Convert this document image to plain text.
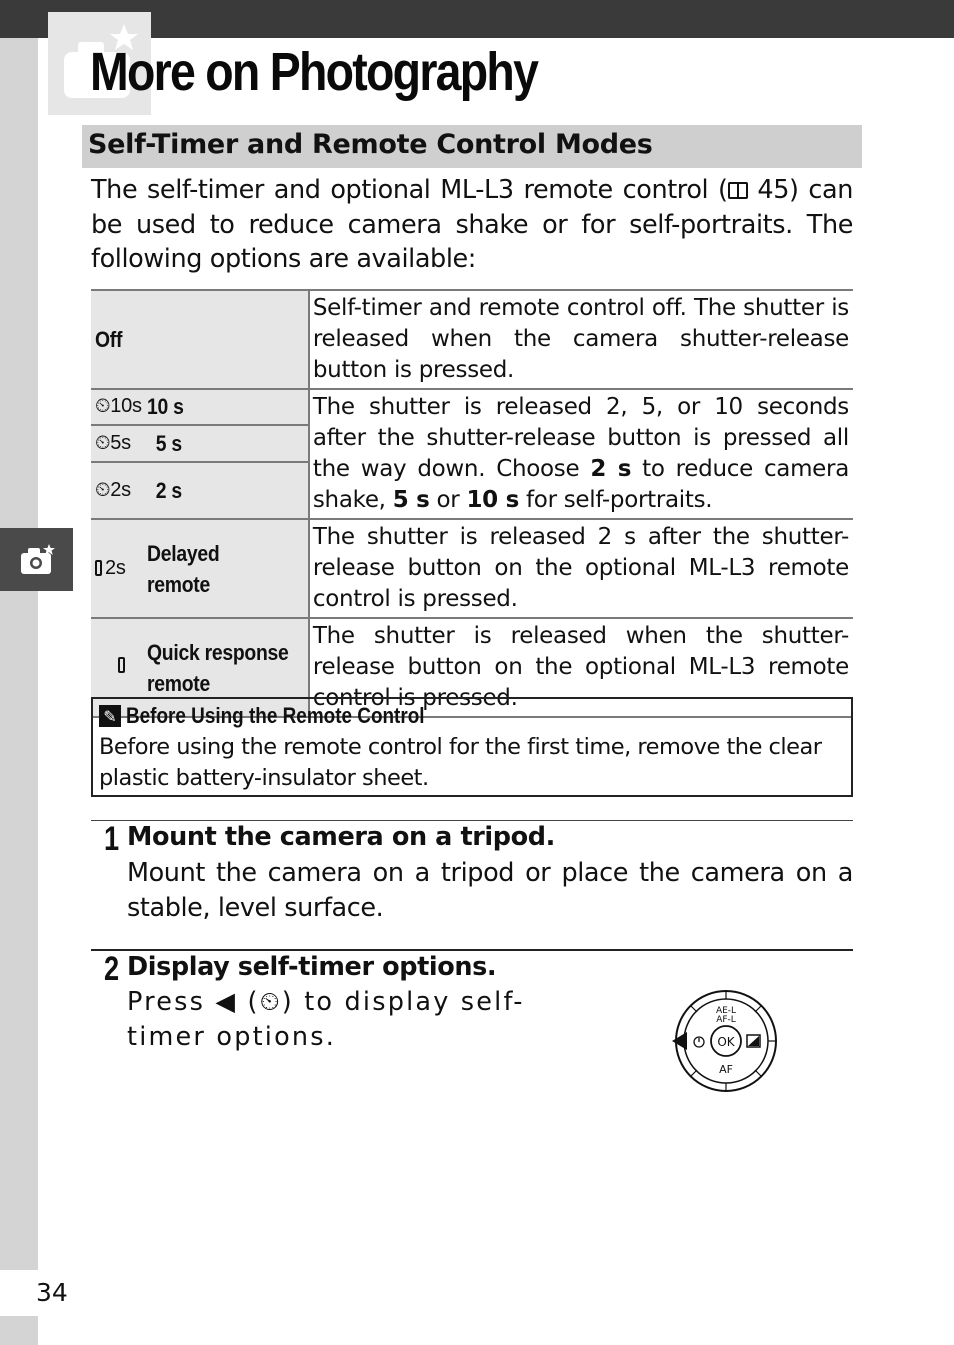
More on Photography
Self-Timer and Remote Control Modes

The self-timer and optional ML-L3 remote control (
45) can be used to reduce camera shake or for self-portraits. The following options are available:

Off	Self-timer and remote control off. The shutter is released when the camera shutter-release button is pressed.

⏲10s 10 s	The shutter is released 2, 5, or 10 seconds after the shutter-release button is pressed all the way down. Choose 2 s to reduce camera shake, 5 s or 10 s for self-portraits.

⏲5s 5 s	

⏲2s 2 s	

2s
Delayed
remote	The shutter is released 2 s after the shutter-release button on the optional ML-L3 remote control is pressed.

Quick response
remote	The shutter is released when the shutter-release button on the optional ML-L3 remote control is pressed.
✎ Before Using the Remote Control

Before using the remote control for the first time, remove the clear plastic battery-insulator sheet.

1 Mount the camera on a tripod.

Mount the camera on a tripod or place the camera on a stable, level surface.

2 Display self-timer options.

Press ◀ (⏲) to display self-timer options.	OK
AE-L
AF-L
AF
34
